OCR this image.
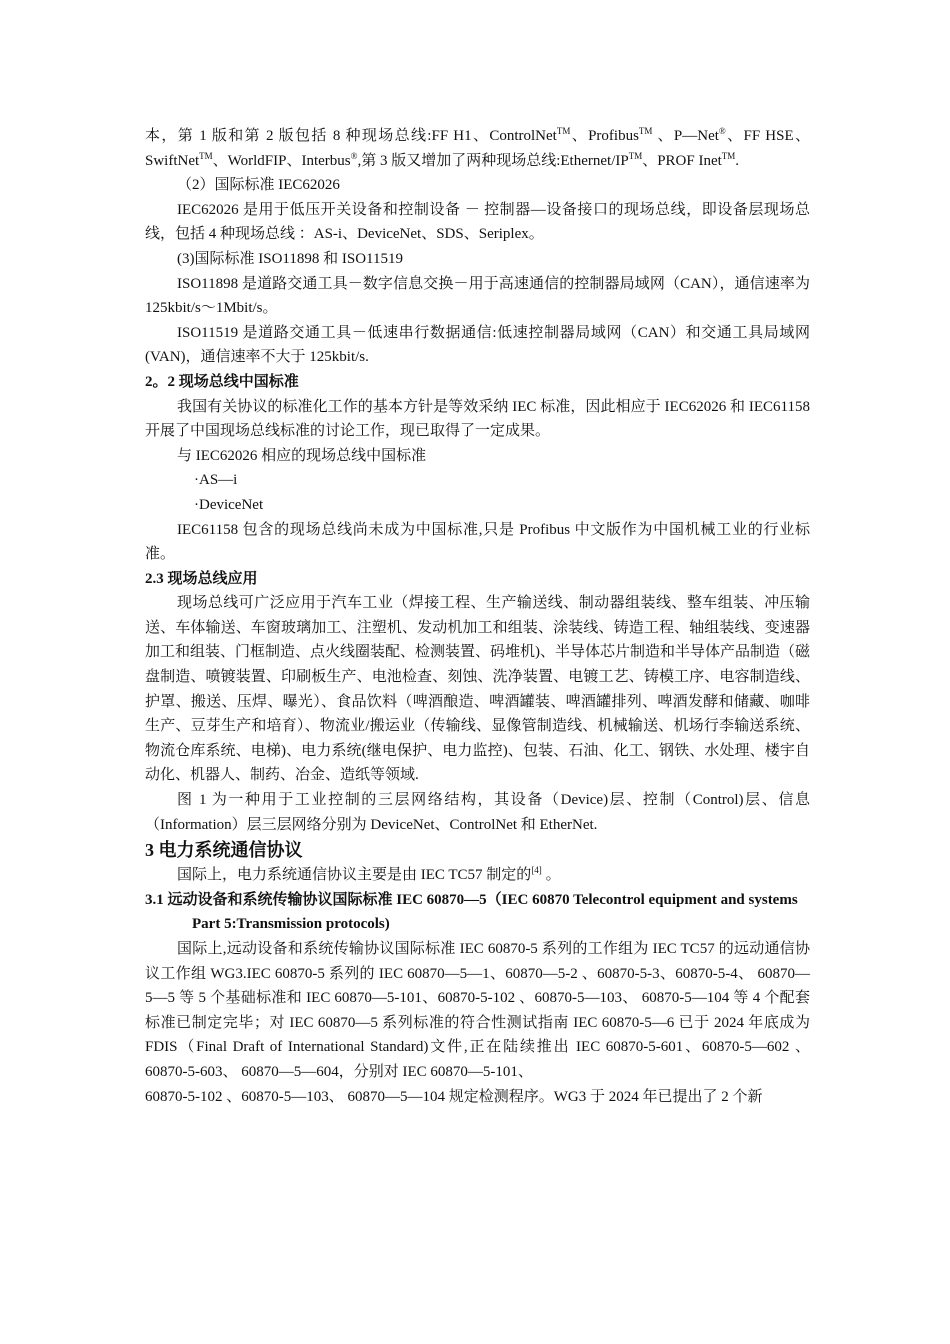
本，第 1 版和第 2 版包括 8 种现场总线:FF H1、ControlNet™、Profibus™ 、P—Net®、FF HSE、SwiftNet™、WorldFIP、Interbus®,第 3 版又增加了两种现场总线:Ethernet/IP™、PROF Inet™.

（2）国际标准 IEC62026

IEC62026 是用于低压开关设备和控制设备 － 控制器—设备接口的现场总线，即设备层现场总线，包括 4 种现场总线 ：AS-i、DeviceNet、SDS、Seriplex。

(3)国际标准 ISO11898 和 ISO11519

ISO11898 是道路交通工具－数字信息交换－用于高速通信的控制器局域网（CAN），通信速率为 125kbit/s～1Mbit/s。

ISO11519 是道路交通工具－低速串行数据通信:低速控制器局域网（CAN）和交通工具局域网(VAN)，通信速率不大于 125kbit/s.

2。2 现场总线中国标准

我国有关协议的标准化工作的基本方针是等效采纳 IEC 标准，因此相应于 IEC62026 和 IEC61158 开展了中国现场总线标准的讨论工作，现已取得了一定成果。

与 IEC62026 相应的现场总线中国标准

·AS—i

·DeviceNet

IEC61158 包含的现场总线尚未成为中国标准,只是 Profibus 中文版作为中国机械工业的行业标准。

2.3 现场总线应用

现场总线可广泛应用于汽车工业（焊接工程、生产输送线、制动器组装线、整车组装、冲压输送、车体输送、车窗玻璃加工、注塑机、发动机加工和组装、涂装线、铸造工程、轴组装线、变速器加工和组装、门框制造、点火线圈装配、检测装置、码堆机)、半导体芯片制造和半导体产品制造（磁盘制造、喷镀装置、印刷板生产、电池检查、刻蚀、洗净装置、电镀工艺、铸模工序、电容制造线、护罩、搬送、压焊、曝光）、食品饮料（啤酒酿造、啤酒罐装、啤酒罐排列、啤酒发酵和储藏、咖啡生产、豆芽生产和培育）、物流业/搬运业（传输线、显像管制造线、机械输送、机场行李输送系统、物流仓库系统、电梯)、电力系统(继电保护、电力监控)、包装、石油、化工、钢铁、水处理、楼宇自动化、机器人、制药、冶金、造纸等领域.

图 1 为一种用于工业控制的三层网络结构，其设备（Device)层、控制（Control)层、信息（Information）层三层网络分别为 DeviceNet、ControlNet 和 EtherNet.

3 电力系统通信协议

国际上，电力系统通信协议主要是由 IEC TC57 制定的[4] 。

3.1 远动设备和系统传输协议国际标准 IEC 60870—5（IEC 60870 Telecontrol equipment and systems Part 5:Transmission protocols)

国际上,远动设备和系统传输协议国际标准 IEC 60870-5 系列的工作组为 IEC TC57 的远动通信协议工作组 WG3.IEC 60870-5 系列的 IEC 60870—5—1、60870—5-2 、60870-5-3、60870-5-4、 60870—5—5 等 5 个基础标准和 IEC 60870—5-101、60870-5-102 、60870-5—103、 60870-5—104 等 4 个配套标准已制定完毕；对 IEC 60870—5 系列标准的符合性测试指南 IEC 60870-5—6 已于 2024 年底成为 FDIS（Final Draft of International Standard)文件,正在陆续推出 IEC 60870-5-601、60870-5—602 、60870-5-603、 60870—5—604，分别对 IEC 60870—5-101、

60870-5-102 、60870-5—103、 60870—5—104 规定检测程序。WG3 于 2024 年已提出了 2 个新
